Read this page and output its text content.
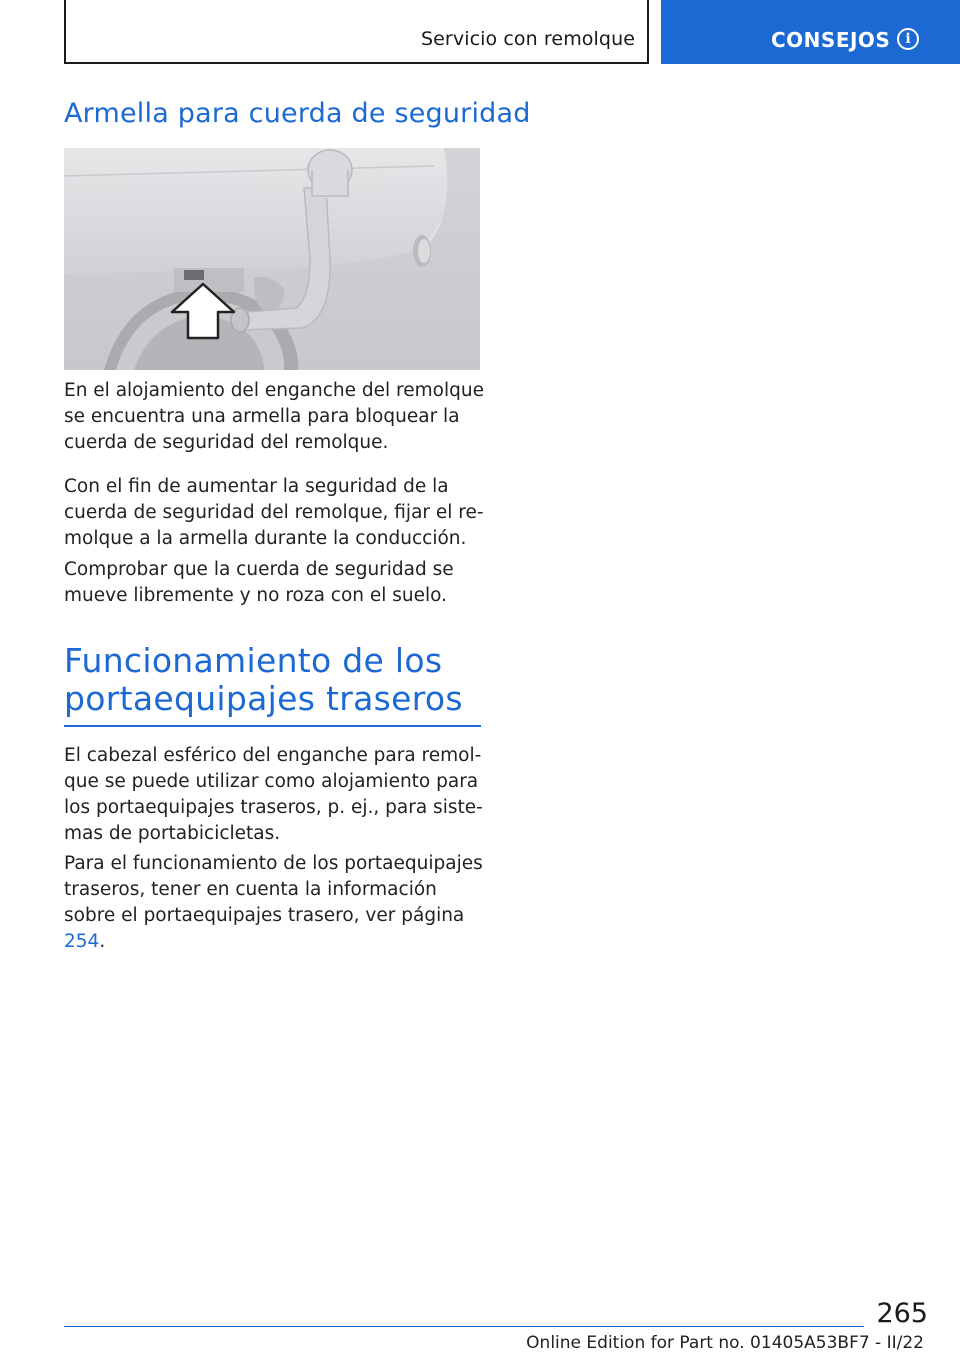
Servicio con remolque	CONSEJOS	i
Armella para cuerda de seguridad

En el alojamiento del enganche del remolque se encuentra una armella para bloquear la cuerda de seguridad del remolque.

Con el fin de aumentar la seguridad de la cuerda de seguridad del remolque, fijar el remolque a la armella durante la conducción.

Comprobar que la cuerda de seguridad se mueve libremente y no roza con el suelo.

Funcionamiento de los portaequipajes traseros

El cabezal esférico del enganche para remolque se puede utilizar como alojamiento para los portaequipajes traseros, p. ej., para sistemas de portabicicletas.

Para el funcionamiento de los portaequipajes traseros, tener en cuenta la información sobre el portaequipajes trasero, ver página 254.

265
Online Edition for Part no. 01405A53BF7 - II/22
